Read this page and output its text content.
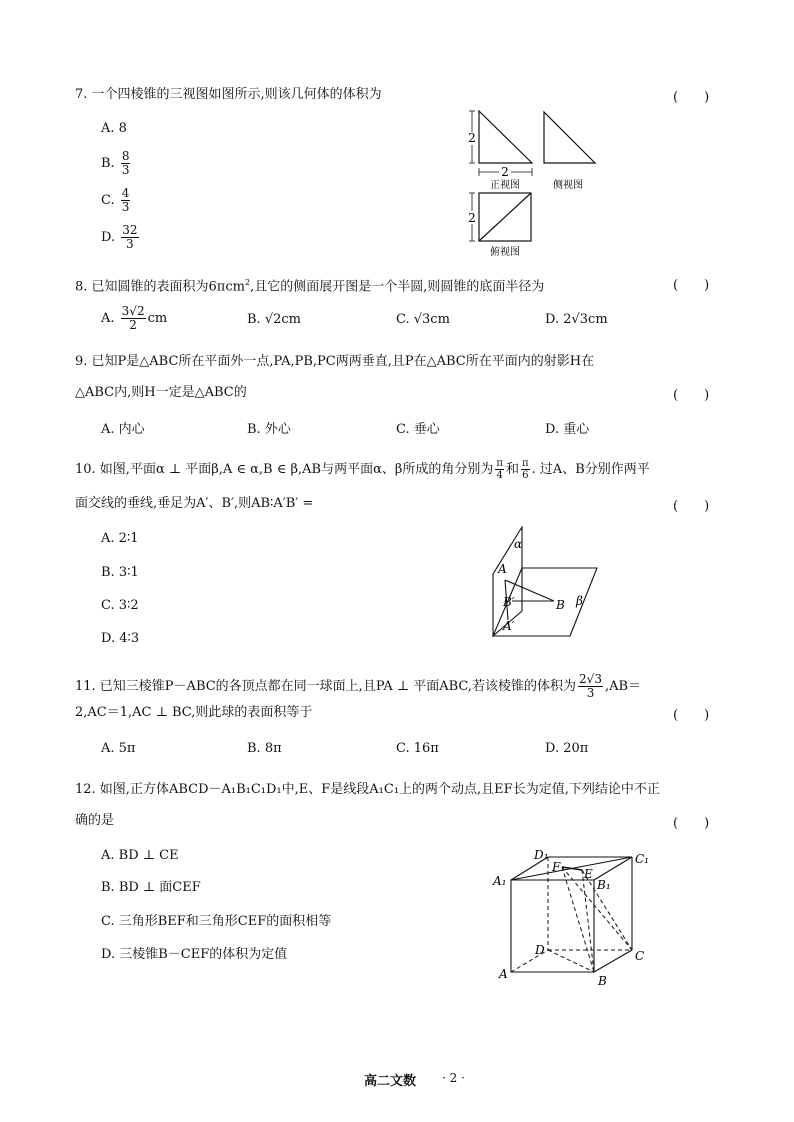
7. 一个四棱锥的三视图如图所示,则该几何体的体积为	(　　)
A. 8
B. $\frac{8}{3}$
C. $\frac{4}{3}$
D. $\frac{32}{3}$
2
2
正视图	侧视图
2
俯视图
8. 已知圆锥的表面积为6πcm$^2$,且它的侧面展开图是一个半圆,则圆锥的底面半径为	(　　)
A. $\frac{3√2}{2}$ cm	B. √2cm	C. √3cm	D. 2√3cm
9. 已知P是△ABC所在平面外一点,PA,PB,PC两两垂直,且P在△ABC所在平面内的射影H在
△ABC内,则H一定是△ABC的	(　　)
A. 内心	B. 外心	C. 垂心	D. 重心
10. 如图,平面α ⊥ 平面β,A ∈ α,B ∈ β,AB与两平面α、β所成的角分别为 $\frac{\pi}{4}$ 和 $\frac{\pi}{6}$ . 过A、B分别作两平
面交线的垂线,垂足为A′、B′,则AB∶A′B′ =	(　　)
A. 2∶1
B. 3∶1
C. 3∶2
D. 4∶3
α
β
A
B
B′
A′
11. 已知三棱锥P－ABC的各顶点都在同一球面上,且PA ⊥ 平面ABC,若该棱锥的体积为 $\frac{2√3}{3} ,AB=$
2,AC＝1,AC ⊥ BC,则此球的表面积等于	(　　)
A. 5π	B. 8π	C. 16π	D. 20π
12. 如图,正方体ABCD－A₁B₁C₁D₁中,E、F是线段A₁C₁上的两个动点,且EF长为定值,下列结论中不正
确的是	(　　)
A. BD ⊥ CE
B. BD ⊥ 面CEF
C. 三角形BEF和三角形CEF的面积相等
D. 三棱锥B－CEF的体积为定值
D₁	C₁
A₁	B₁
F E
D	C
A	B
高二文数 · 2 ·
